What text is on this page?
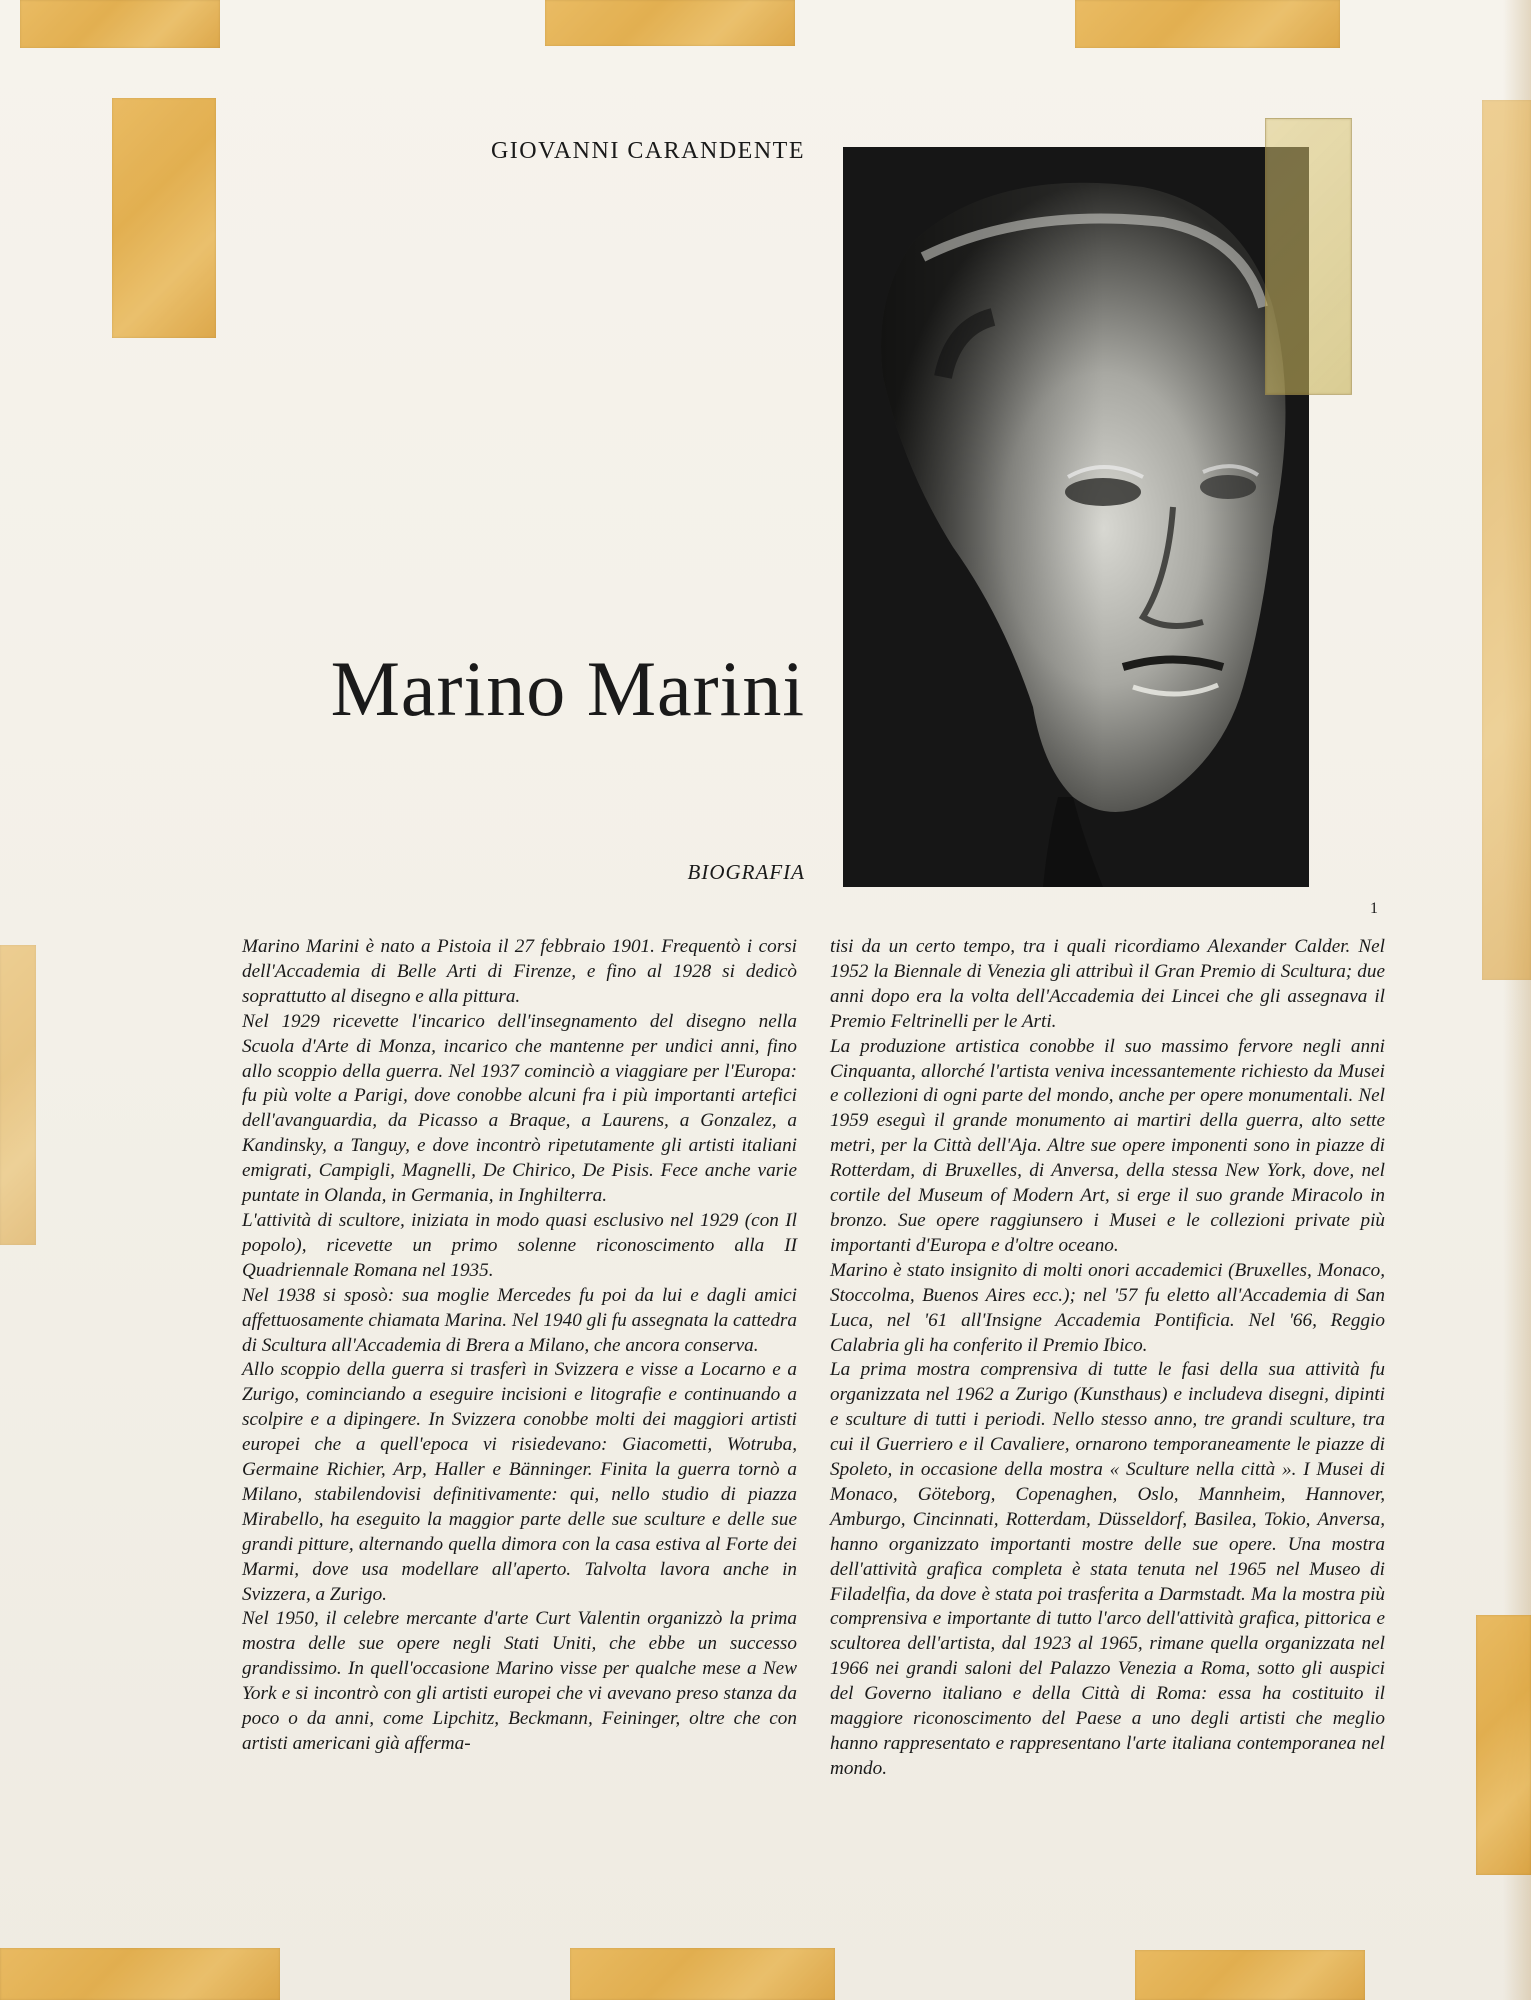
GIOVANNI CARANDENTE
Marino Marini
BIOGRAFIA
1

Marino Marini è nato a Pistoia il 27 febbraio 1901. Frequentò i corsi dell'Accademia di Belle Arti di Firenze, e fino al 1928 si dedicò soprattutto al disegno e alla pittura.

Nel 1929 ricevette l'incarico dell'insegnamento del disegno nella Scuola d'Arte di Monza, incarico che mantenne per undici anni, fino allo scoppio della guerra. Nel 1937 cominciò a viaggiare per l'Europa: fu più volte a Parigi, dove conobbe alcuni fra i più importanti artefici dell'avanguardia, da Picasso a Braque, a Laurens, a Gonzalez, a Kandinsky, a Tanguy, e dove incontrò ripetutamente gli artisti italiani emigrati, Campigli, Magnelli, De Chirico, De Pisis. Fece anche varie puntate in Olanda, in Germania, in Inghilterra.

L'attività di scultore, iniziata in modo quasi esclusivo nel 1929 (con Il popolo), ricevette un primo solenne riconoscimento alla II Quadriennale Romana nel 1935.

Nel 1938 si sposò: sua moglie Mercedes fu poi da lui e dagli amici affettuosamente chiamata Marina. Nel 1940 gli fu assegnata la cattedra di Scultura all'Accademia di Brera a Milano, che ancora conserva.

Allo scoppio della guerra si trasferì in Svizzera e visse a Locarno e a Zurigo, cominciando a eseguire incisioni e litografie e continuando a scolpire e a dipingere. In Svizzera conobbe molti dei maggiori artisti europei che a quell'epoca vi risiedevano: Giacometti, Wotruba, Germaine Richier, Arp, Haller e Bänninger. Finita la guerra tornò a Milano, stabilendovisi definitivamente: qui, nello studio di piazza Mirabello, ha eseguito la maggior parte delle sue sculture e delle sue grandi pitture, alternando quella dimora con la casa estiva al Forte dei Marmi, dove usa modellare all'aperto. Talvolta lavora anche in Svizzera, a Zurigo.

Nel 1950, il celebre mercante d'arte Curt Valentin organizzò la prima mostra delle sue opere negli Stati Uniti, che ebbe un successo grandissimo. In quell'occasione Marino visse per qualche mese a New York e si incontrò con gli artisti europei che vi avevano preso stanza da poco o da anni, come Lipchitz, Beckmann, Feininger, oltre che con artisti americani già afferma-

tisi da un certo tempo, tra i quali ricordiamo Alexander Calder. Nel 1952 la Biennale di Venezia gli attribuì il Gran Premio di Scultura; due anni dopo era la volta dell'Accademia dei Lincei che gli assegnava il Premio Feltrinelli per le Arti.

La produzione artistica conobbe il suo massimo fervore negli anni Cinquanta, allorché l'artista veniva incessantemente richiesto da Musei e collezioni di ogni parte del mondo, anche per opere monumentali. Nel 1959 eseguì il grande monumento ai martiri della guerra, alto sette metri, per la Città dell'Aja. Altre sue opere imponenti sono in piazze di Rotterdam, di Bruxelles, di Anversa, della stessa New York, dove, nel cortile del Museum of Modern Art, si erge il suo grande Miracolo in bronzo. Sue opere raggiunsero i Musei e le collezioni private più importanti d'Europa e d'oltre oceano.

Marino è stato insignito di molti onori accademici (Bruxelles, Monaco, Stoccolma, Buenos Aires ecc.); nel '57 fu eletto all'Accademia di San Luca, nel '61 all'Insigne Accademia Pontificia. Nel '66, Reggio Calabria gli ha conferito il Premio Ibico.

La prima mostra comprensiva di tutte le fasi della sua attività fu organizzata nel 1962 a Zurigo (Kunsthaus) e includeva disegni, dipinti e sculture di tutti i periodi. Nello stesso anno, tre grandi sculture, tra cui il Guerriero e il Cavaliere, ornarono temporaneamente le piazze di Spoleto, in occasione della mostra « Sculture nella città ». I Musei di Monaco, Göteborg, Copenaghen, Oslo, Mannheim, Hannover, Amburgo, Cincinnati, Rotterdam, Düsseldorf, Basilea, Tokio, Anversa, hanno organizzato importanti mostre delle sue opere. Una mostra dell'attività grafica completa è stata tenuta nel 1965 nel Museo di Filadelfia, da dove è stata poi trasferita a Darmstadt. Ma la mostra più comprensiva e importante di tutto l'arco dell'attività grafica, pittorica e scultorea dell'artista, dal 1923 al 1965, rimane quella organizzata nel 1966 nei grandi saloni del Palazzo Venezia a Roma, sotto gli auspici del Governo italiano e della Città di Roma: essa ha costituito il maggiore riconoscimento del Paese a uno degli artisti che meglio hanno rappresentato e rappresentano l'arte italiana contemporanea nel mondo.
